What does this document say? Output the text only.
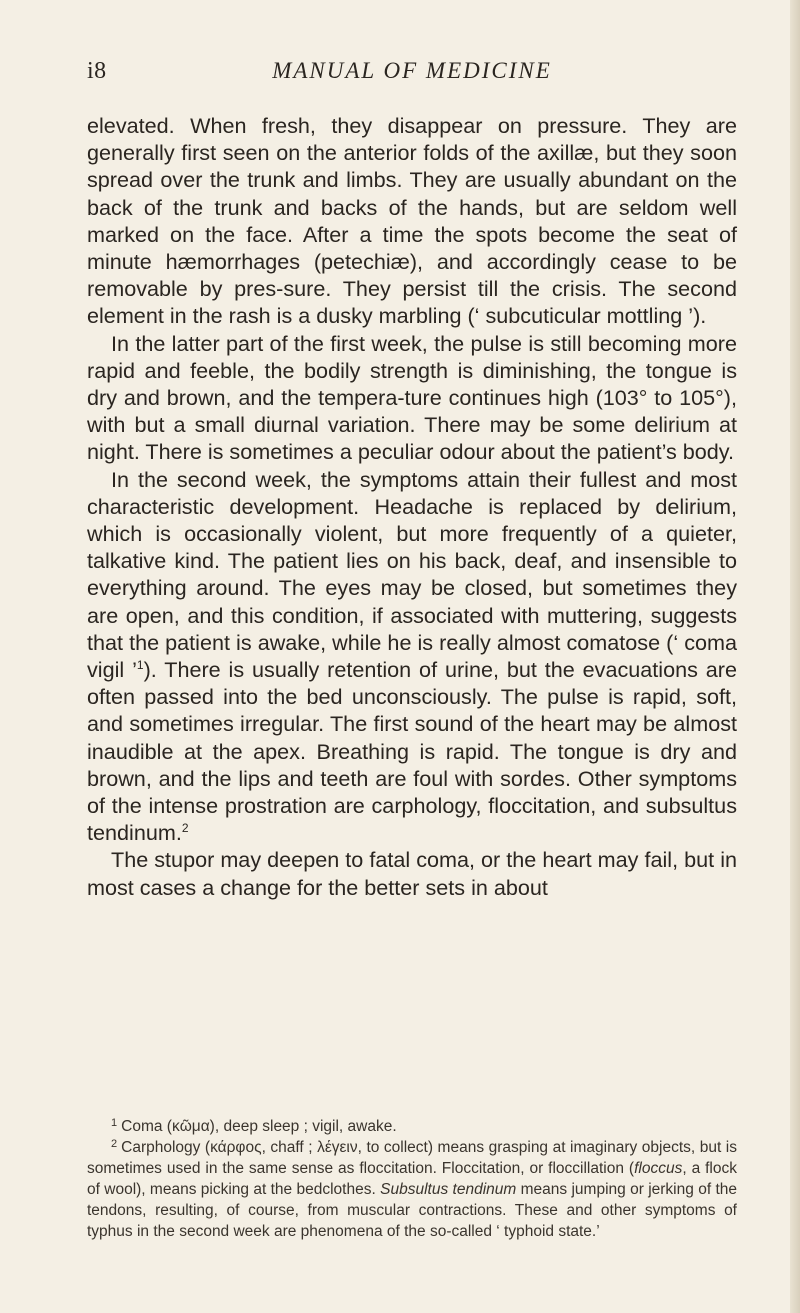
i8	MANUAL OF MEDICINE

elevated. When fresh, they disappear on pressure. They are generally first seen on the anterior folds of the axillæ, but they soon spread over the trunk and limbs. They are usually abundant on the back of the trunk and backs of the hands, but are seldom well marked on the face. After a time the spots become the seat of minute hæmorrhages (petechiæ), and accordingly cease to be removable by pres-sure. They persist till the crisis. The second element in the rash is a dusky marbling (‘ subcuticular mottling ’).

In the latter part of the first week, the pulse is still becoming more rapid and feeble, the bodily strength is diminishing, the tongue is dry and brown, and the tempera-ture continues high (103° to 105°), with but a small diurnal variation. There may be some delirium at night. There is sometimes a peculiar odour about the patient’s body.

In the second week, the symptoms attain their fullest and most characteristic development. Headache is replaced by delirium, which is occasionally violent, but more frequently of a quieter, talkative kind. The patient lies on his back, deaf, and insensible to everything around. The eyes may be closed, but sometimes they are open, and this condition, if associated with muttering, suggests that the patient is awake, while he is really almost comatose (‘ coma vigil ’$^1$). There is usually retention of urine, but the evacuations are often passed into the bed unconsciously. The pulse is rapid, soft, and sometimes irregular. The first sound of the heart may be almost inaudible at the apex. Breathing is rapid. The tongue is dry and brown, and the lips and teeth are foul with sordes. Other symptoms of the intense prostration are carphology, floccitation, and subsultus tendinum.$^2$

The stupor may deepen to fatal coma, or the heart may fail, but in most cases a change for the better sets in about

$^1$ Coma (κῶμα), deep sleep ; vigil, awake.

$^2$ Carphology (κάρφος, chaff ; λέγειν, to collect) means grasping at imaginary objects, but is sometimes used in the same sense as floccitation. Floccitation, or floccillation (floccus, a flock of wool), means picking at the bedclothes. Subsultus tendinum means jumping or jerking of the tendons, resulting, of course, from muscular contractions. These and other symptoms of typhus in the second week are phenomena of the so-called ‘ typhoid state.’
